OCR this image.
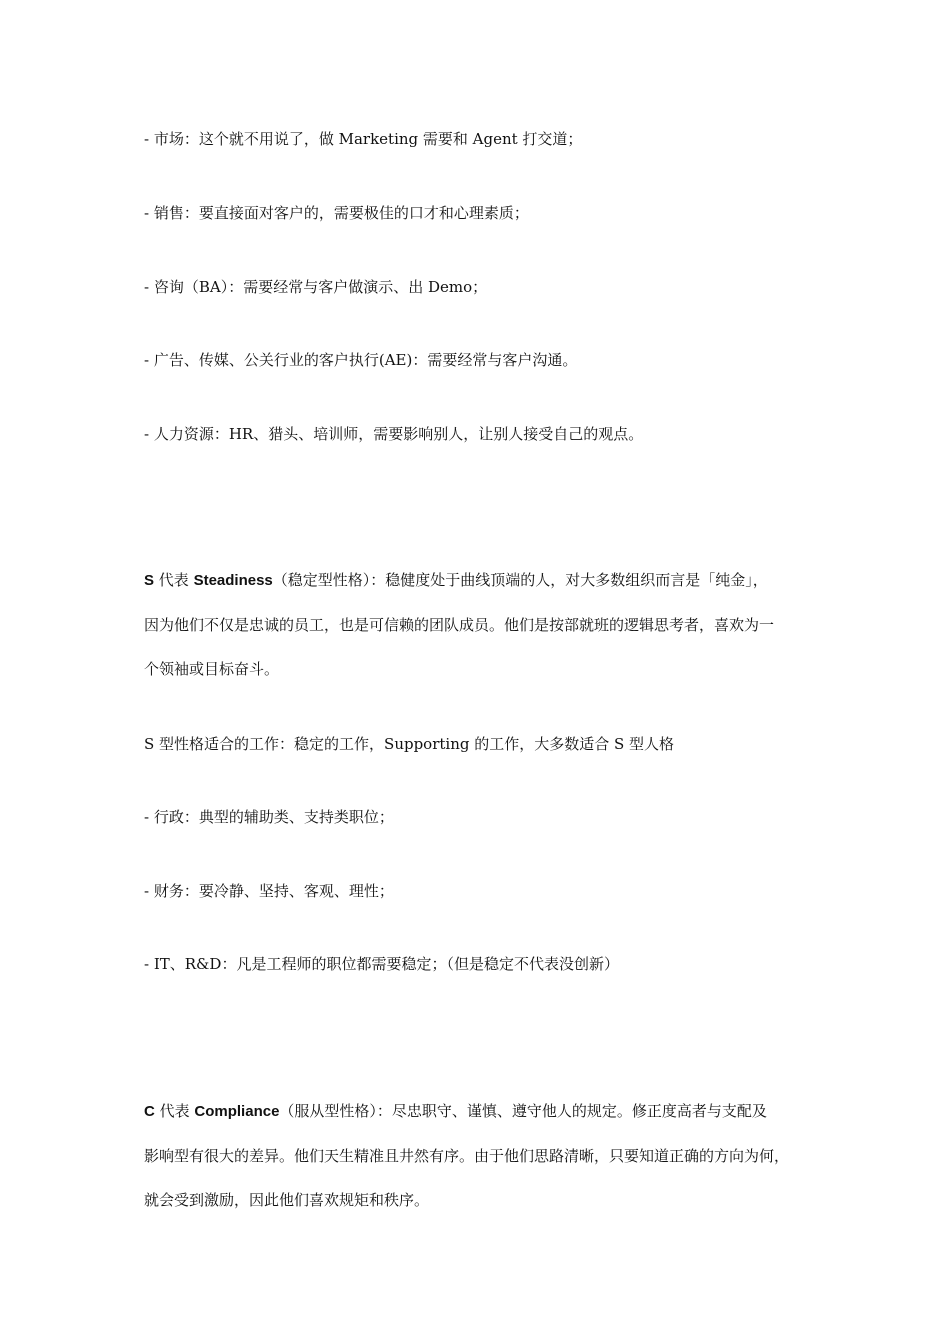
- 市场：这个就不用说了，做 Marketing 需要和 Agent 打交道；
- 销售：要直接面对客户的，需要极佳的口才和心理素质；
- 咨询（BA）：需要经常与客户做演示、出 Demo；
- 广告、传媒、公关行业的客户执行(AE)：需要经常与客户沟通。
- 人力资源：HR、猎头、培训师，需要影响别人，让别人接受自己的观点。
S 代表 Steadiness（稳定型性格）：稳健度处于曲线顶端的人，对大多数组织而言是「纯金」，
因为他们不仅是忠诚的员工，也是可信赖的团队成员。他们是按部就班的逻辑思考者，喜欢为一
个领袖或目标奋斗。
S 型性格适合的工作：稳定的工作，Supporting 的工作，大多数适合 S 型人格
- 行政：典型的辅助类、支持类职位；
- 财务：要冷静、坚持、客观、理性；
- IT、R&D：凡是工程师的职位都需要稳定；（但是稳定不代表没创新）
C 代表 Compliance（服从型性格）：尽忠职守、谨慎、遵守他人的规定。修正度高者与支配及
影响型有很大的差异。他们天生精准且井然有序。由于他们思路清晰，只要知道正确的方向为何，
就会受到激励，因此他们喜欢规矩和秩序。
